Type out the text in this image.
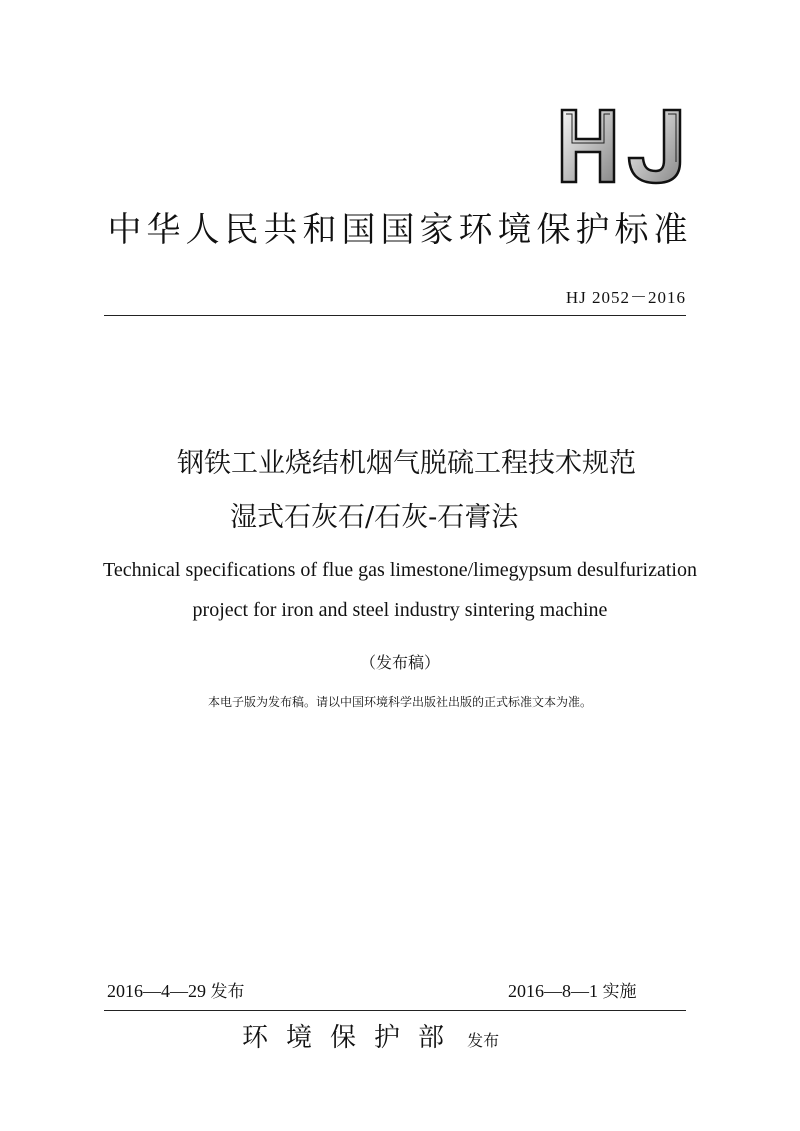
中华人民共和国国家环境保护标准
HJ 2052－2016
钢铁工业烧结机烟气脱硫工程技术规范
湿式石灰石/石灰-石膏法
Technical specifications of flue gas limestone/limegypsum desulfurization
project for iron and steel industry sintering machine
（发布稿）
本电子版为发布稿。请以中国环境科学出版社出版的正式标准文本为准。
2016—4—29 发布	2016—8—1 实施
环境保护部 发布
